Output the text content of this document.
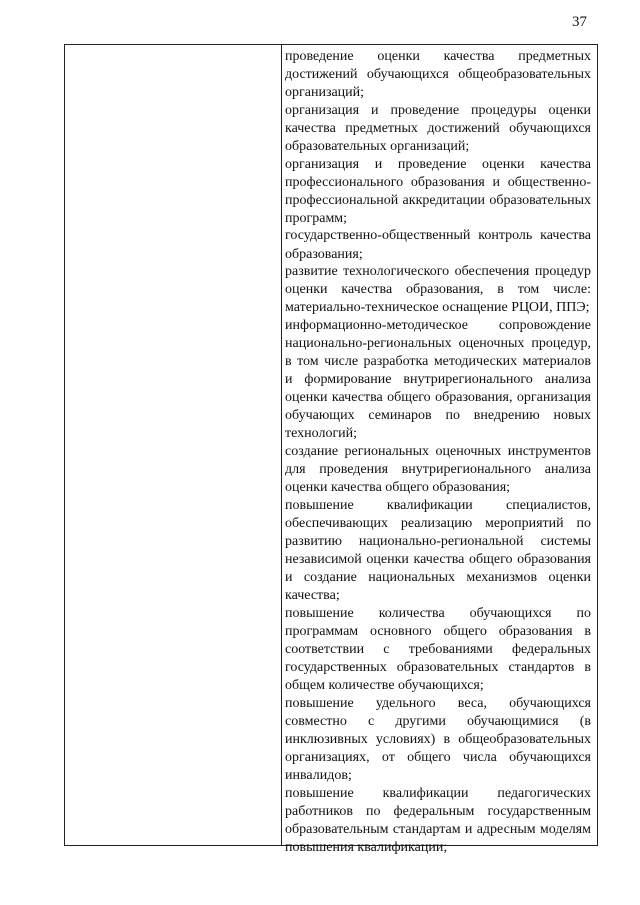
37

проведение оценки качества предметных достижений обучающихся общеобразовательных организаций;

организация и проведение процедуры оценки качества предметных достижений обучающихся образовательных организаций;

организация и проведение оценки качества профессионального образования и общественно-профессиональной аккредитации образовательных программ;

государственно-общественный контроль качества образования;

развитие технологического обеспечения процедур оценки качества образования, в том числе: материально-техническое оснащение РЦОИ, ППЭ;

информационно-методическое сопровождение национально-региональных оценочных процедур, в том числе разработка методических материалов и формирование внутрирегионального анализа оценки качества общего образования, организация обучающих семинаров по внедрению новых технологий;

создание региональных оценочных инструментов для проведения внутрирегионального анализа оценки качества общего образования;

повышение квалификации специалистов, обеспечивающих реализацию мероприятий по развитию национально-региональной системы независимой оценки качества общего образования и создание национальных механизмов оценки качества;

повышение количества обучающихся по программам основного общего образования в соответствии с требованиями федеральных государственных образовательных стандартов в общем количестве обучающихся;

повышение удельного веса, обучающихся совместно с другими обучающимися (в инклюзивных условиях) в общеобразовательных организациях, от общего числа обучающихся инвалидов;

повышение квалификации педагогических работников по федеральным государственным образовательным стандартам и адресным моделям повышения квалификации;
